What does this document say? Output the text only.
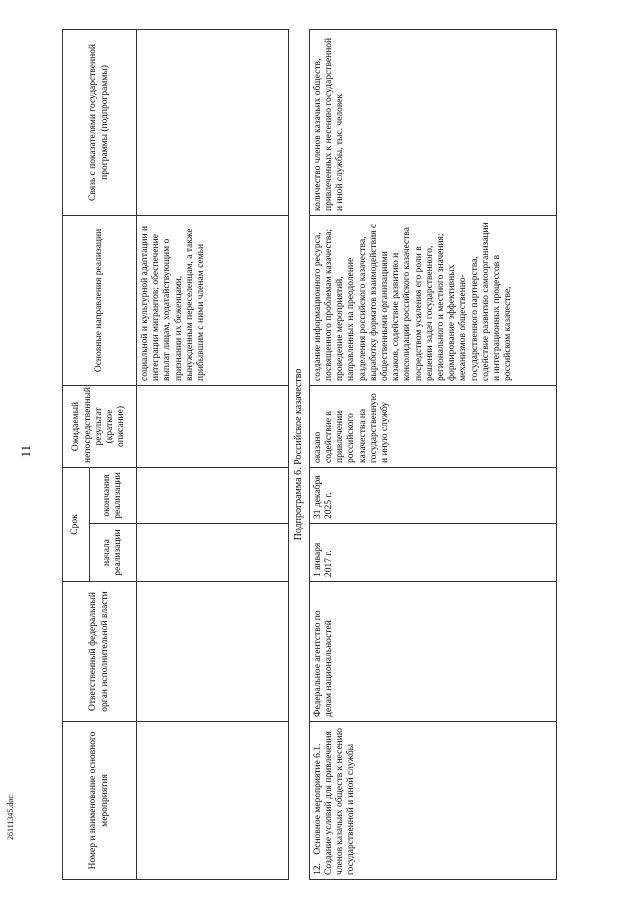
11
26111345.doc	Номер и наименование основного мероприятия	Ответственный федеральный орган исполнительной власти	Срок		Ожидаемый непосредственный результат (краткое описание)	Основные направления реализации	Связь с показателями государственной программы (подпрограммы)
		начала реализации	окончания реализации			
					социальной и культурной адаптации и интеграции мигрантов; обеспечение выплат лицам, ходатайствующим о признании их беженцами, вынужденным переселенцам, а также прибывшим с ними членам семьи	
Подпрограмма 6. Российское казачество						
12. Основное мероприятие 6.1. Создание условий для привлечения членов казачьих обществ к несению государственной и иной службы	Федеральное агентство по делам национальностей	1 января 2017 г.	31 декабря 2025 г.	оказано содействие в привлечении российского казачества на государственную и иную службу	создание информационного ресурса, посвященного проблемам казачества; проведение мероприятий, направленных на преодоление разделения российского казачества, выработку форматов взаимодействия с общественными организациями казаков, содействие развитию и консолидации российского казачества посредством усиления его роли в решении задач государственного, регионального и местного значения; формирование эффективных механизмов общественно-государственного партнерства, содействие развитию самоорганизации и интеграционных процессов в российском казачестве,	количество членов казачьих обществ, привлеченных к несению государственной и иной службы, тыс. человек
